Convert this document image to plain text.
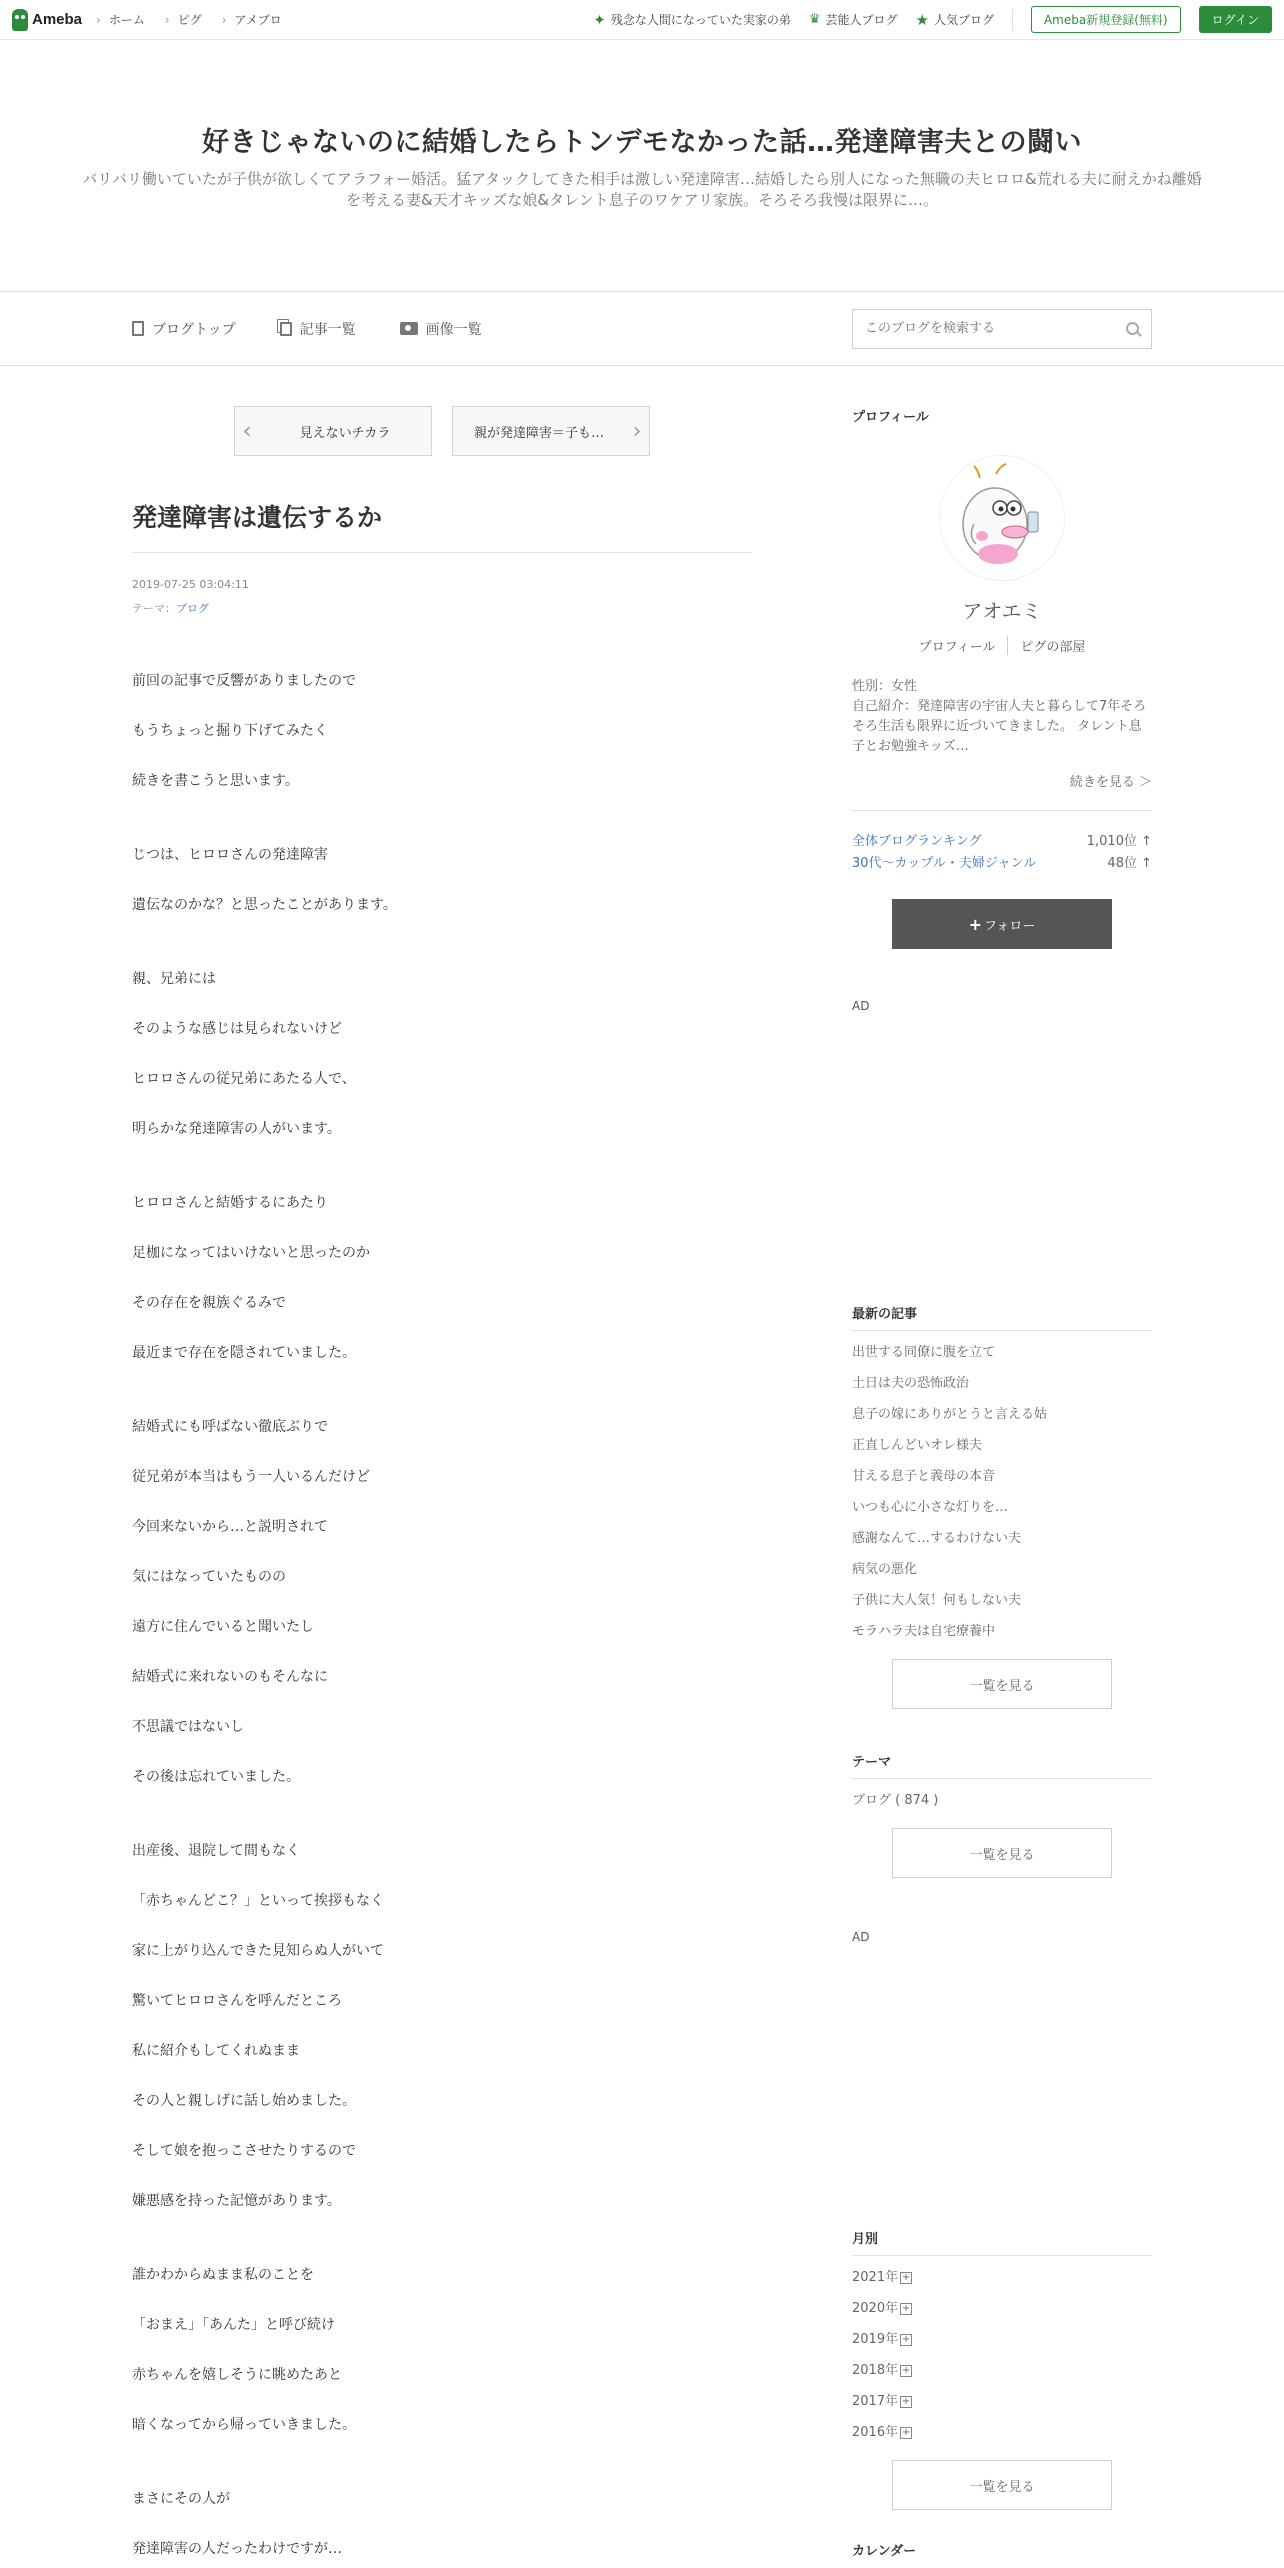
Ameba	› ホーム	› ピグ	› アメブロ	✦ 残念な人間になっていた実家の弟 ♛ 芸能人ブログ ★ 人気ブログ	Ameba新規登録(無料)	ログイン
好きじゃないのに結婚したらトンデモなかった話…発達障害夫との闘い

バリバリ働いていたが子供が欲しくてアラフォー婚活。猛アタックしてきた相手は激しい発達障害…結婚したら別人になった無職の夫ヒロロ&荒れる夫に耐えかね離婚を考える妻&天才キッズな娘&タレント息子のワケアリ家族。そろそろ我慢は限界に…。

ブログトップ	記事一覧	画像一覧
このブログを検索する
‹	見えないチカラ	親が発達障害＝子も…	›
発達障害は遺伝するか
2019-07-25 03:04:11
テーマ：ブログ

前回の記事で反響がありましたので

もうちょっと掘り下げてみたく

続きを書こうと思います。

じつは、ヒロロさんの発達障害

遺伝なのかな？と思ったことがあります。

親、兄弟には

そのような感じは見られないけど

ヒロロさんの従兄弟にあたる人で、

明らかな発達障害の人がいます。

ヒロロさんと結婚するにあたり

足枷になってはいけないと思ったのか

その存在を親族ぐるみで

最近まで存在を隠されていました。

結婚式にも呼ばない徹底ぶりで

従兄弟が本当はもう一人いるんだけど

今回来ないから…と説明されて

気にはなっていたものの

遠方に住んでいると聞いたし

結婚式に来れないのもそんなに

不思議ではないし

その後は忘れていました。

出産後、退院して間もなく

「赤ちゃんどこ？」といって挨拶もなく

家に上がり込んできた見知らぬ人がいて

驚いてヒロロさんを呼んだところ

私に紹介もしてくれぬまま

その人と親しげに話し始めました。

そして娘を抱っこさせたりするので

嫌悪感を持った記憶があります。

誰かわからぬまま私のことを

「おまえ」「あんた」と呼び続け

赤ちゃんを嬉しそうに眺めたあと

暗くなってから帰っていきました。

まさにその人が

発達障害の人だったわけですが…

プロフィール
アオエミ
プロフィール ピグの部屋
性別：女性
自己紹介：発達障害の宇宙人夫と暮らして7年そろそろ生活も限界に近づいてきました。 タレント息子とお勉強キッズ…
続きを見る ＞
全体ブログランキング	1,010位 ↑
30代〜カップル・夫婦ジャンル	48位 ↑
+ フォロー
AD
最新の記事
出世する同僚に腹を立て
土日は夫の恐怖政治
息子の嫁にありがとうと言える姑
正直しんどいオレ様夫
甘える息子と義母の本音
いつも心に小さな灯りを…
感謝なんて…するわけない夫
病気の悪化
子供に大人気！何もしない夫
モラハラ夫は自宅療養中
一覧を見る
テーマ
ブログ ( 874 )
一覧を見る
AD
月別
2021年 +
2020年 +
2019年 +
2018年 +
2017年 +
2016年 +
一覧を見る
カレンダー
